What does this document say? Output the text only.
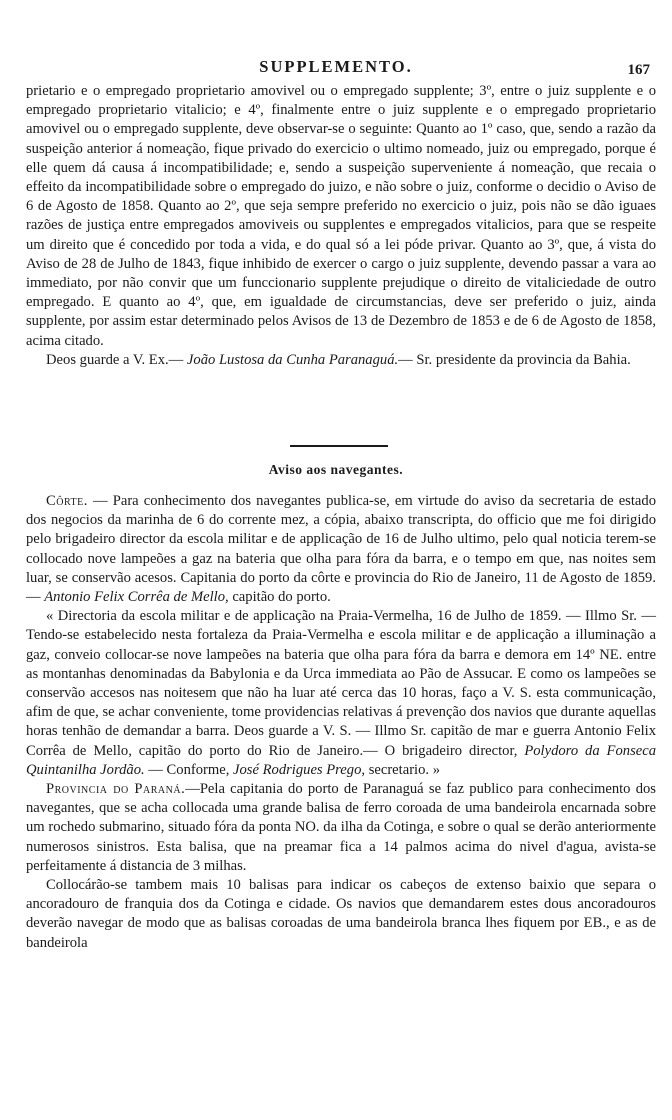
SUPPLEMENTO.	167

prietario e o empregado proprietario amovivel ou o empregado supplente; 3º, entre o juiz supplente e o empregado proprietario vitalicio; e 4º, finalmente entre o juiz supplente e o empregado proprietario amovivel ou o empregado supplente, deve observar-se o seguinte: Quanto ao 1º caso, que, sendo a razão da suspeição anterior á nomeação, fique privado do exercicio o ultimo nomeado, juiz ou empregado, porque é elle quem dá causa á incompatibilidade; e, sendo a suspeição superveniente á nomeação, que recaia o effeito da incompatibilidade sobre o empregado do juizo, e não sobre o juiz, conforme o decidio o Aviso de 6 de Agosto de 1858. Quanto ao 2º, que seja sempre preferido no exercicio o juiz, pois não se dão iguaes razões de justiça entre empregados amoviveis ou supplentes e empregados vitalicios, para que se respeite um direito que é concedido por toda a vida, e do qual só a lei póde privar. Quanto ao 3º, que, á vista do Aviso de 28 de Julho de 1843, fique inhibido de exercer o cargo o juiz supplente, devendo passar a vara ao immediato, por não convir que um funccionario supplente prejudique o direito de vitaliciedade de outro empregado. E quanto ao 4º, que, em igualdade de circumstancias, deve ser preferido o juiz, ainda supplente, por assim estar determinado pelos Avisos de 13 de Dezembro de 1853 e de 6 de Agosto de 1858, acima citado.

Deos guarde a V. Ex.— João Lustosa da Cunha Paranaguá.— Sr. presidente da provincia da Bahia.

Aviso aos navegantes.

Côrte. — Para conhecimento dos navegantes publica-se, em virtude do aviso da secretaria de estado dos negocios da marinha de 6 do corrente mez, a cópia, abaixo transcripta, do officio que me foi dirigido pelo brigadeiro director da escola militar e de applicação de 16 de Julho ultimo, pelo qual noticia terem-se collocado nove lampeões a gaz na bateria que olha para fóra da barra, e o tempo em que, nas noites sem luar, se conservão acesos. Capitania do porto da côrte e provincia do Rio de Janeiro, 11 de Agosto de 1859. — Antonio Felix Corrêa de Mello, capitão do porto.

« Directoria da escola militar e de applicação na Praia-Vermelha, 16 de Julho de 1859. — Illmo Sr. — Tendo-se estabelecido nesta fortaleza da Praia-Vermelha e escola militar e de applicação a illuminação a gaz, conveio collocar-se nove lampeões na bateria que olha para fóra da barra e demora em 14º NE. entre as montanhas denominadas da Babylonia e da Urca immediata ao Pão de Assucar. E como os lampeões se conservão accesos nas noitesem que não ha luar até cerca das 10 horas, faço a V. S. esta communicação, afim de que, se achar conveniente, tome providencias relativas á prevenção dos navios que durante aquellas horas tenhão de demandar a barra. Deos guarde a V. S. — Illmo Sr. capitão de mar e guerra Antonio Felix Corrêa de Mello, capitão do porto do Rio de Janeiro.— O brigadeiro director, Polydoro da Fonseca Quintanilha Jordão. — Conforme, José Rodrigues Prego, secretario. »

Provincia do Paraná.—Pela capitania do porto de Paranaguá se faz publico para conhecimento dos navegantes, que se acha collocada uma grande balisa de ferro coroada de uma bandeirola encarnada sobre um rochedo submarino, situado fóra da ponta NO. da ilha da Cotinga, e sobre o qual se derão anteriormente numerosos sinistros. Esta balisa, que na preamar fica a 14 palmos acima do nivel d'agua, avista-se perfeitamente á distancia de 3 milhas.

Collocárão-se tambem mais 10 balisas para indicar os cabeços de extenso baixio que separa o ancoradouro de franquia dos da Cotinga e cidade. Os navios que demandarem estes dous ancoradouros deverão navegar de modo que as balisas coroadas de uma bandeirola branca lhes fiquem por EB., e as de bandeirola
